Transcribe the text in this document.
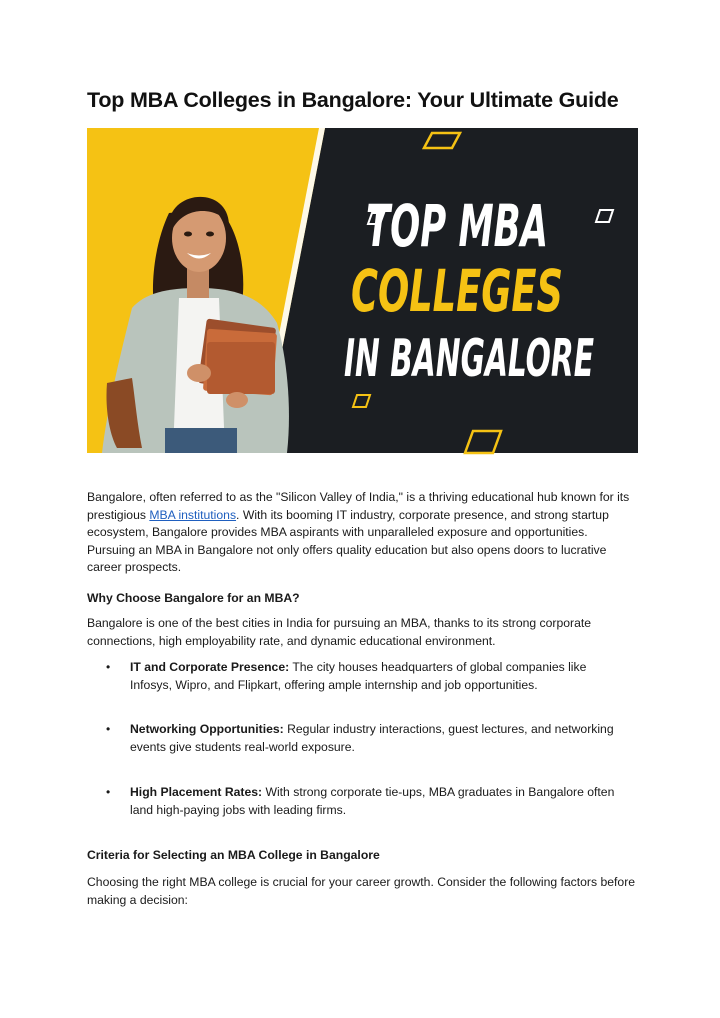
Top MBA Colleges in Bangalore: Your Ultimate Guide
TOP MBA
COLLEGES
IN BANGALORE

Bangalore, often referred to as the "Silicon Valley of India," is a thriving educational hub known for its prestigious MBA institutions. With its booming IT industry, corporate presence, and strong startup ecosystem, Bangalore provides MBA aspirants with unparalleled exposure and opportunities. Pursuing an MBA in Bangalore not only offers quality education but also opens doors to lucrative career prospects.

Why Choose Bangalore for an MBA?

Bangalore is one of the best cities in India for pursuing an MBA, thanks to its strong corporate connections, high employability rate, and dynamic educational environment.

• IT and Corporate Presence: The city houses headquarters of global companies like Infosys, Wipro, and Flipkart, offering ample internship and job opportunities.
• Networking Opportunities: Regular industry interactions, guest lectures, and networking events give students real-world exposure.
• High Placement Rates: With strong corporate tie-ups, MBA graduates in Bangalore often land high-paying jobs with leading firms.
Criteria for Selecting an MBA College in Bangalore

Choosing the right MBA college is crucial for your career growth. Consider the following factors before making a decision:
